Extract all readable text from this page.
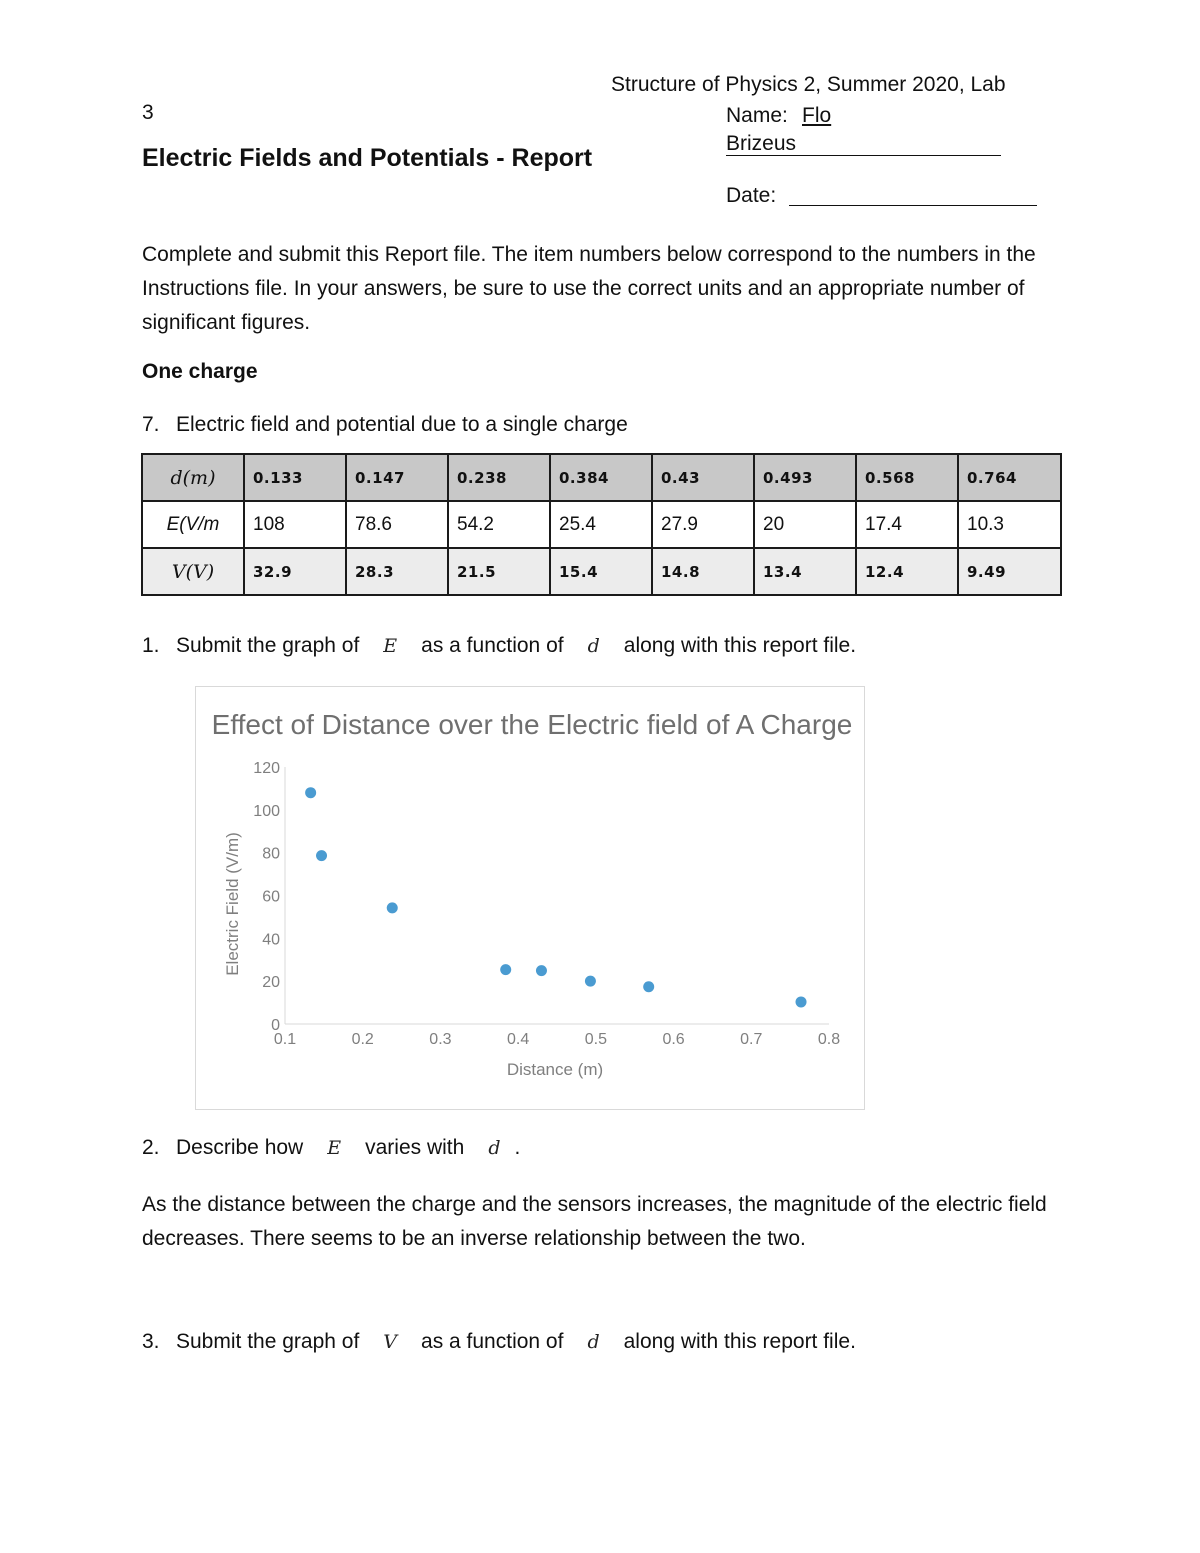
Structure of Physics 2, Summer 2020, Lab
3
Electric Fields and Potentials - Report
Name: Flo
Brizeus
Date:
Complete and submit this Report file. The item numbers below correspond to the numbers in the Instructions file. In your answers, be sure to use the correct units and an appropriate number of significant figures.
One charge
7. Electric field and potential due to a single charge
d(m)	0.133	0.147	0.238	0.384	0.43	0.493	0.568	0.764
E(V/m	108	78.6	54.2	25.4	27.9	20	17.4	10.3
V(V)	32.9	28.3	21.5	15.4	14.8	13.4	12.4	9.49
1. Submit the graph of E as a function of d along with this report file.
Effect of Distance over the Electric field of A Charge
0
20
40
60
80
100
120
0.1	0.2	0.3	0.4	0.5	0.6	0.7	0.8
Distance (m)
Electric Field (V/m)
2. Describe how E varies with d .
As the distance between the charge and the sensors increases, the magnitude of the electric field decreases. There seems to be an inverse relationship between the two.
3. Submit the graph of V as a function of d along with this report file.
